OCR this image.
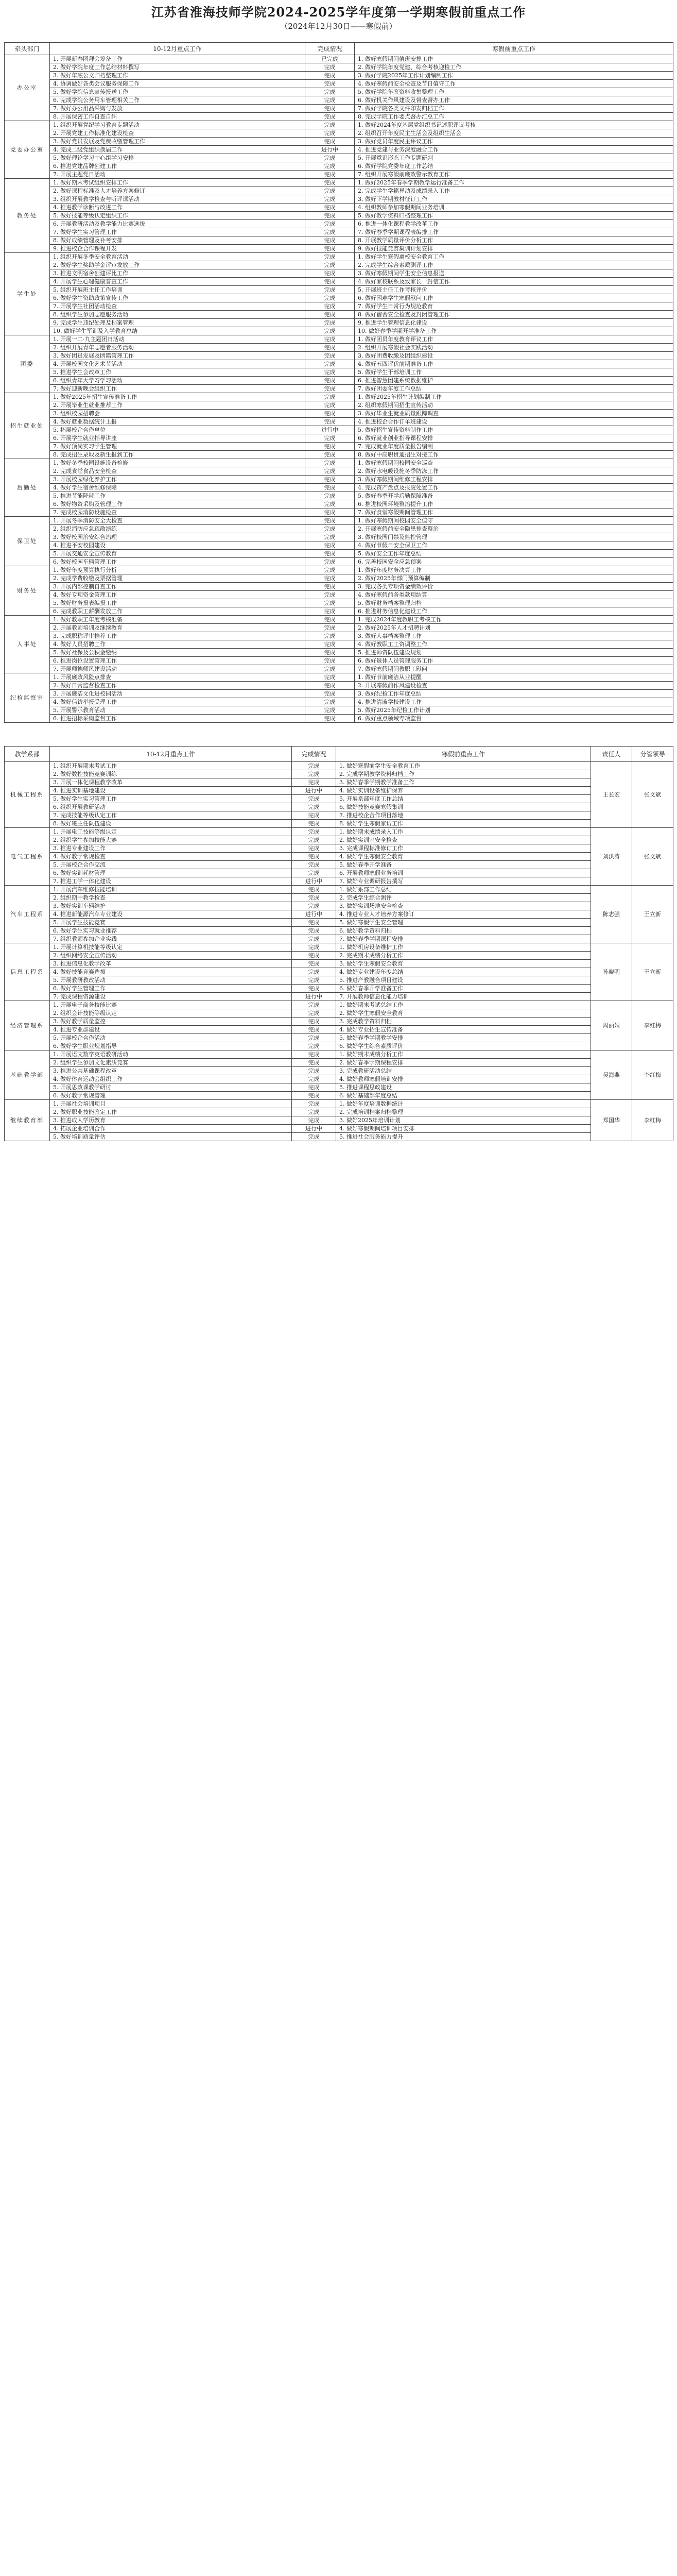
江苏省淮海技师学院2024-2025学年度第一学期寒假前重点工作
（2024年12月30日——寒假前）
牵头部门	10-12月重点工作	完成情况	寒假前重点工作
办公室	1. 开展新春团拜会筹备工作	已完成	1. 做好寒假期间值班安排工作
	2. 做好学院年度工作总结材料撰写	完成	2. 做好学院年度党建、综合考核迎检工作
	3. 做好年底公文归档整理工作	完成	3. 做好学院2025年工作计划编制工作
	4. 协调做好各类会议服务保障工作	完成	4. 做好寒假前安全检查及节日值守工作
	5. 做好学院信息宣传报送工作	完成	5. 做好学院年鉴资料收集整理工作
	6. 完成学院公务用车管理相关工作	完成	6. 做好机关作风建设及督查督办工作
	7. 做好办公用品采购与发放	完成	7. 做好学院各类文件印发归档工作
	8. 开展保密工作自查自纠	完成	8. 完成学院工作要点督办汇总工作
党委办公室	1. 组织开展党纪学习教育专题活动	完成	1. 做好2024年度基层党组织书记述职评议考核
	2. 开展党建工作标准化建设检查	完成	2. 组织召开年度民主生活会及组织生活会
	3. 做好党员发展及党费收缴管理工作	完成	3. 做好党员年度民主评议工作
	4. 完成二级党组织换届工作	进行中	4. 推进党建与业务深度融合工作
	5. 做好理论学习中心组学习安排	完成	5. 开展意识形态工作专题研判
	6. 推进党建品牌创建工作	完成	6. 做好学院党委年度工作总结
	7. 开展主题党日活动	完成	7. 组织开展寒假前廉政警示教育工作
教务处	1. 做好期末考试组织安排工作	完成	1. 做好2025年春季学期教学运行准备工作
	2. 做好课程标准及人才培养方案修订	完成	2. 完成学生学籍异动及成绩录入工作
	3. 组织开展教学检查与听评课活动	完成	3. 做好下学期教材征订工作
	4. 推进教学诊断与改进工作	完成	4. 组织教师参加寒假期间业务培训
	5. 做好技能等级认定组织工作	完成	5. 做好教学资料归档整理工作
	6. 开展教研活动及教学能力比赛选拔	完成	6. 推进一体化课程教学改革工作
	7. 做好学生实习管理工作	完成	7. 做好春季学期课程表编排工作
	8. 做好成绩管理及补考安排	完成	8. 开展教学质量评价分析工作
	9. 推进校企合作课程开发	完成	9. 做好技能竞赛集训计划安排
学生处	1. 组织开展冬季安全教育活动	完成	1. 做好学生寒假离校安全教育工作
	2. 做好学生奖助学金评审发放工作	完成	2. 完成学生综合素质测评工作
	3. 推进文明宿舍创建评比工作	完成	3. 做好寒假期间学生安全信息报送
	4. 开展学生心理健康普查工作	完成	4. 做好家校联系及致家长一封信工作
	5. 组织开展班主任工作培训	完成	5. 开展班主任工作考核评价
	6. 做好学生资助政策宣传工作	完成	6. 做好困难学生寒假慰问工作
	7. 开展学生社团活动检查	完成	7. 做好学生日常行为规范教育
	8. 组织学生参加志愿服务活动	完成	8. 做好宿舍安全检查及封闭管理工作
	9. 完成学生违纪处理及档案管理	完成	9. 推进学生管理信息化建设
	10. 做好学生军训及入学教育总结	完成	10. 做好春季学期开学准备工作
团委	1. 开展一二·九主题团日活动	完成	1. 做好团员年度教育评议工作
	2. 组织开展青年志愿者服务活动	完成	2. 组织开展寒假社会实践活动
	3. 做好团员发展及团籍管理工作	完成	3. 做好团费收缴及团组织建设
	4. 开展校园文化艺术节活动	完成	4. 做好五四评优前期准备工作
	5. 推进学生会改革工作	完成	5. 做好学生干部培训工作
	6. 组织青年大学习学习活动	完成	6. 推进智慧团建系统数据维护
	7. 做好迎新晚会组织工作	完成	7. 做好团委年度工作总结
招生就业处	1. 做好2025年招生宣传准备工作	完成	1. 做好2025年招生计划编制工作
	2. 开展毕业生就业推荐工作	完成	2. 组织寒假期间招生宣传活动
	3. 组织校园招聘会	完成	3. 做好毕业生就业质量跟踪调查
	4. 做好就业数据统计上报	完成	4. 推进校企合作订单班建设
	5. 拓展校企合作单位	进行中	5. 做好招生宣传资料制作工作
	6. 开展学生就业指导讲座	完成	6. 做好就业创业指导课程安排
	7. 做好顶岗实习学生管理	完成	7. 完成就业年度质量报告编制
	8. 完成招生录取及新生报到工作	完成	8. 做好中高职贯通招生对接工作
后勤处	1. 做好冬季校园设施设备检修	完成	1. 做好寒假期间校园安全巡查
	2. 完成食堂食品安全检查	完成	2. 做好水电暖设施冬季防冻工作
	3. 开展校园绿化养护工作	完成	3. 做好寒假期间维修工程安排
	4. 做好学生宿舍维修保障	完成	4. 完成资产盘点及报废处置工作
	5. 推进节能降耗工作	完成	5. 做好春季开学后勤保障准备
	6. 做好物资采购及管理工作	完成	6. 推进校园环境整治提升工作
	7. 完成校园消防设施检查	完成	7. 做好食堂寒假期间管理工作
保卫处	1. 开展冬季消防安全大检查	完成	1. 做好寒假期间校园安全值守
	2. 组织消防应急疏散演练	完成	2. 开展寒假前安全隐患排查整治
	3. 做好校园治安综合治理	完成	3. 做好校园门禁及监控管理
	4. 推进平安校园建设	完成	4. 做好节假日安全保卫工作
	5. 开展交通安全宣传教育	完成	5. 做好安全工作年度总结
	6. 做好校园车辆管理工作	完成	6. 完善校园安全应急预案
财务处	1. 做好年度预算执行分析	完成	1. 做好年度财务决算工作
	2. 完成学费收缴及票据管理	完成	2. 做好2025年部门预算编制
	3. 开展内部控制自查工作	完成	3. 完成各类专项资金绩效评价
	4. 做好专项资金管理工作	完成	4. 做好寒假前各类款项结算
	5. 做好财务报表编报工作	完成	5. 做好财务档案整理归档
	6. 完成教职工薪酬发放工作	完成	6. 推进财务信息化建设工作
人事处	1. 做好教职工年度考核准备	完成	1. 完成2024年度教职工考核工作
	2. 开展教师培训及继续教育	完成	2. 做好2025年人才招聘计划
	3. 完成职称评审推荐工作	完成	3. 做好人事档案整理工作
	4. 做好人员招聘工作	完成	4. 做好教职工工资调整工作
	5. 做好社保及公积金缴纳	完成	5. 推进师资队伍建设规划
	6. 推进岗位设置管理工作	完成	6. 做好退休人员管理服务工作
	7. 开展师德师风建设活动	完成	7. 做好寒假期间教职工慰问
纪检监察室	1. 开展廉政风险点排查	完成	1. 做好节前廉洁从业提醒
	2. 做好日常监督检查工作	完成	2. 开展寒假前作风建设检查
	3. 开展廉洁文化进校园活动	完成	3. 做好纪检工作年度总结
	4. 做好信访举报受理工作	完成	4. 推进清廉学校建设工作
	5. 开展警示教育活动	完成	5. 做好2025年纪检工作计划
	6. 推进招标采购监督工作	完成	6. 做好重点领域专项监督
教学系部	10-12月重点工作	完成情况	寒假前重点工作	责任人	分管领导
机械工程系	1. 组织开展期末考试工作	完成	1. 做好寒假前学生安全教育工作	王长宏	张文斌
	2. 做好数控技能竞赛训练	完成	2. 完成学期教学资料归档工作		
	3. 开展一体化课程教学改革	完成	3. 做好春季学期教学准备工作		
	4. 推进实训基地建设	进行中	4. 做好实训设备维护保养		
	5. 做好学生实习管理工作	完成	5. 开展系部年度工作总结		
	6. 组织开展教研活动	完成	6. 做好技能竞赛寒假集训		
	7. 完成技能等级认定工作	完成	7. 推进校企合作项目落地		
	8. 做好班主任队伍建设	完成	8. 做好学生寒假家访工作		
电气工程系	1. 开展电工技能等级认定	完成	1. 做好期末成绩录入工作	刘洪涛	张文斌
	2. 组织学生参加技能大赛	完成	2. 做好实训室安全检查		
	3. 推进专业建设工作	完成	3. 完成课程标准修订工作		
	4. 做好教学常规检查	完成	4. 做好学生寒假安全教育		
	5. 开展校企合作交流	完成	5. 做好春季开学准备		
	6. 做好实训耗材管理	完成	6. 开展教师寒假业务培训		
	7. 推进工学一体化建设	进行中	7. 做好专业调研报告撰写		
汽车工程系	1. 开展汽车维修技能培训	完成	1. 做好系部工作总结	陈志强	王立新
	2. 组织期中教学检查	完成	2. 完成学生综合测评		
	3. 做好实训车辆维护	完成	3. 做好实训场地安全检查		
	4. 推进新能源汽车专业建设	进行中	4. 推进专业人才培养方案修订		
	5. 开展学生技能竞赛	完成	5. 做好寒假学生安全管理		
	6. 做好学生实习就业推荐	完成	6. 做好教学资料归档		
	7. 组织教师参加企业实践	完成	7. 做好春季学期课程安排		
信息工程系	1. 开展计算机技能等级认定	完成	1. 做好机房设备维护工作	孙晓明	王立新
	2. 组织网络安全宣传活动	完成	2. 完成期末成绩分析工作		
	3. 推进信息化教学改革	完成	3. 做好学生寒假安全教育		
	4. 做好技能竞赛选拔	完成	4. 做好专业建设年度总结		
	5. 开展教研教改活动	完成	5. 推进产教融合项目建设		
	6. 做好学生管理工作	完成	6. 做好春季开学准备工作		
	7. 完成课程资源建设	进行中	7. 开展教师信息化能力培训		
经济管理系	1. 开展电子商务技能比赛	完成	1. 做好期末考试总结工作	周丽娟	李红梅
	2. 组织会计技能等级认定	完成	2. 做好学生寒假安全教育		
	3. 做好教学质量监控	完成	3. 完成教学资料归档		
	4. 推进专业群建设	完成	4. 做好专业招生宣传准备		
	5. 开展校企合作活动	完成	5. 做好春季学期教学安排		
	6. 做好学生职业规划指导	完成	6. 做好学生综合素质评价		
基础教学部	1. 开展语文数学英语教研活动	完成	1. 做好期末成绩分析工作	吴海燕	李红梅
	2. 组织学生参加文化素质竞赛	完成	2. 做好春季学期课程安排		
	3. 推进公共基础课程改革	完成	3. 完成教研活动总结		
	4. 做好体育运动会组织工作	完成	4. 做好教师寒假培训安排		
	5. 开展思政课教学研讨	完成	5. 推进课程思政建设		
	6. 做好教学常规管理	完成	6. 做好基础部年度总结		
继续教育部	1. 开展社会培训项目	完成	1. 做好年度培训数据统计	郑国华	李红梅
	2. 做好职业技能鉴定工作	完成	2. 完成培训档案归档整理		
	3. 推进成人学历教育	完成	3. 做好2025年培训计划		
	4. 拓展企业培训合作	进行中	4. 做好寒假期间培训项目安排		
	5. 做好培训质量评估	完成	5. 推进社会服务能力提升		
